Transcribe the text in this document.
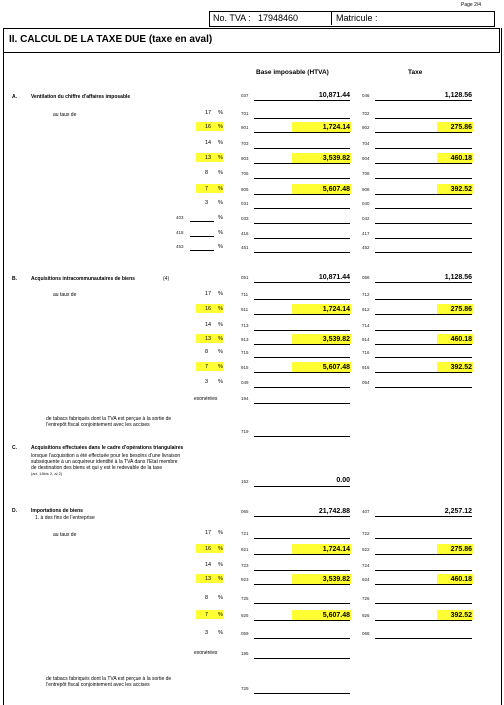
Page 2/4
No. TVA : 17948460	Matricule :
II. CALCUL DE LA TAXE DUE (taxe en aval)
Base imposable (HTVA)	Taxe
A.	Ventilation du chiffre d’affaires imposable
au taux de
037	10,871.44	046	1,128.56
17 %	701	702
16 %	901	1,724.14	902	275.86
14 %	703	704
13 %	903	3,539.82	904	460.18
8 %	705	706
7 %	905	5,607.48	906	392.52
3 %	031	040
403	%	033	042
418	%	416	417
453	%	451	452
B.	Acquisitions intracommunautaires de biens	(4)
au taux de
051	10,871.44	056	1,128.56
17 %	711	712
16 %	911	1,724.14	912	275.86
14 %	713	714
13 %	913	3,539.82	914	460.18
8 %	715	716
7 %	915	5,607.48	916	392.52
3 %	049	054
exonérées	194
de tabacs fabriqués dont la TVA est perçue à la sortie de
l’entrepôt fiscal conjointement avec les accises
719
C.	Acquisitions effectuées dans le cadre d’opérations triangulaires
lorsque l’acquisition a été effectuée pour les besoins d’une livraison
subséquente à un acquéreur identifié à la TVA dans l’Etat membre
de destination des biens et qui y est le redevable de la taxe
(art. 18bis 2, al 2)
152	0.00
D.	Importations de biens
1. à des fins de l’entreprise
au taux de
065	21,742.88	407	2,257.12
17 %	721	722
16 %	921	1,724.14	922	275.86
14 %	723	724
13 %	923	3,539.82	924	460.18
8 %	725	726
7 %	925	5,607.48	926	392.52
3 %	059	068
exonérées	195
de tabacs fabriqués dont la TVA est perçue à la sortie de
l’entrepôt fiscal conjointement avec les accises
729
